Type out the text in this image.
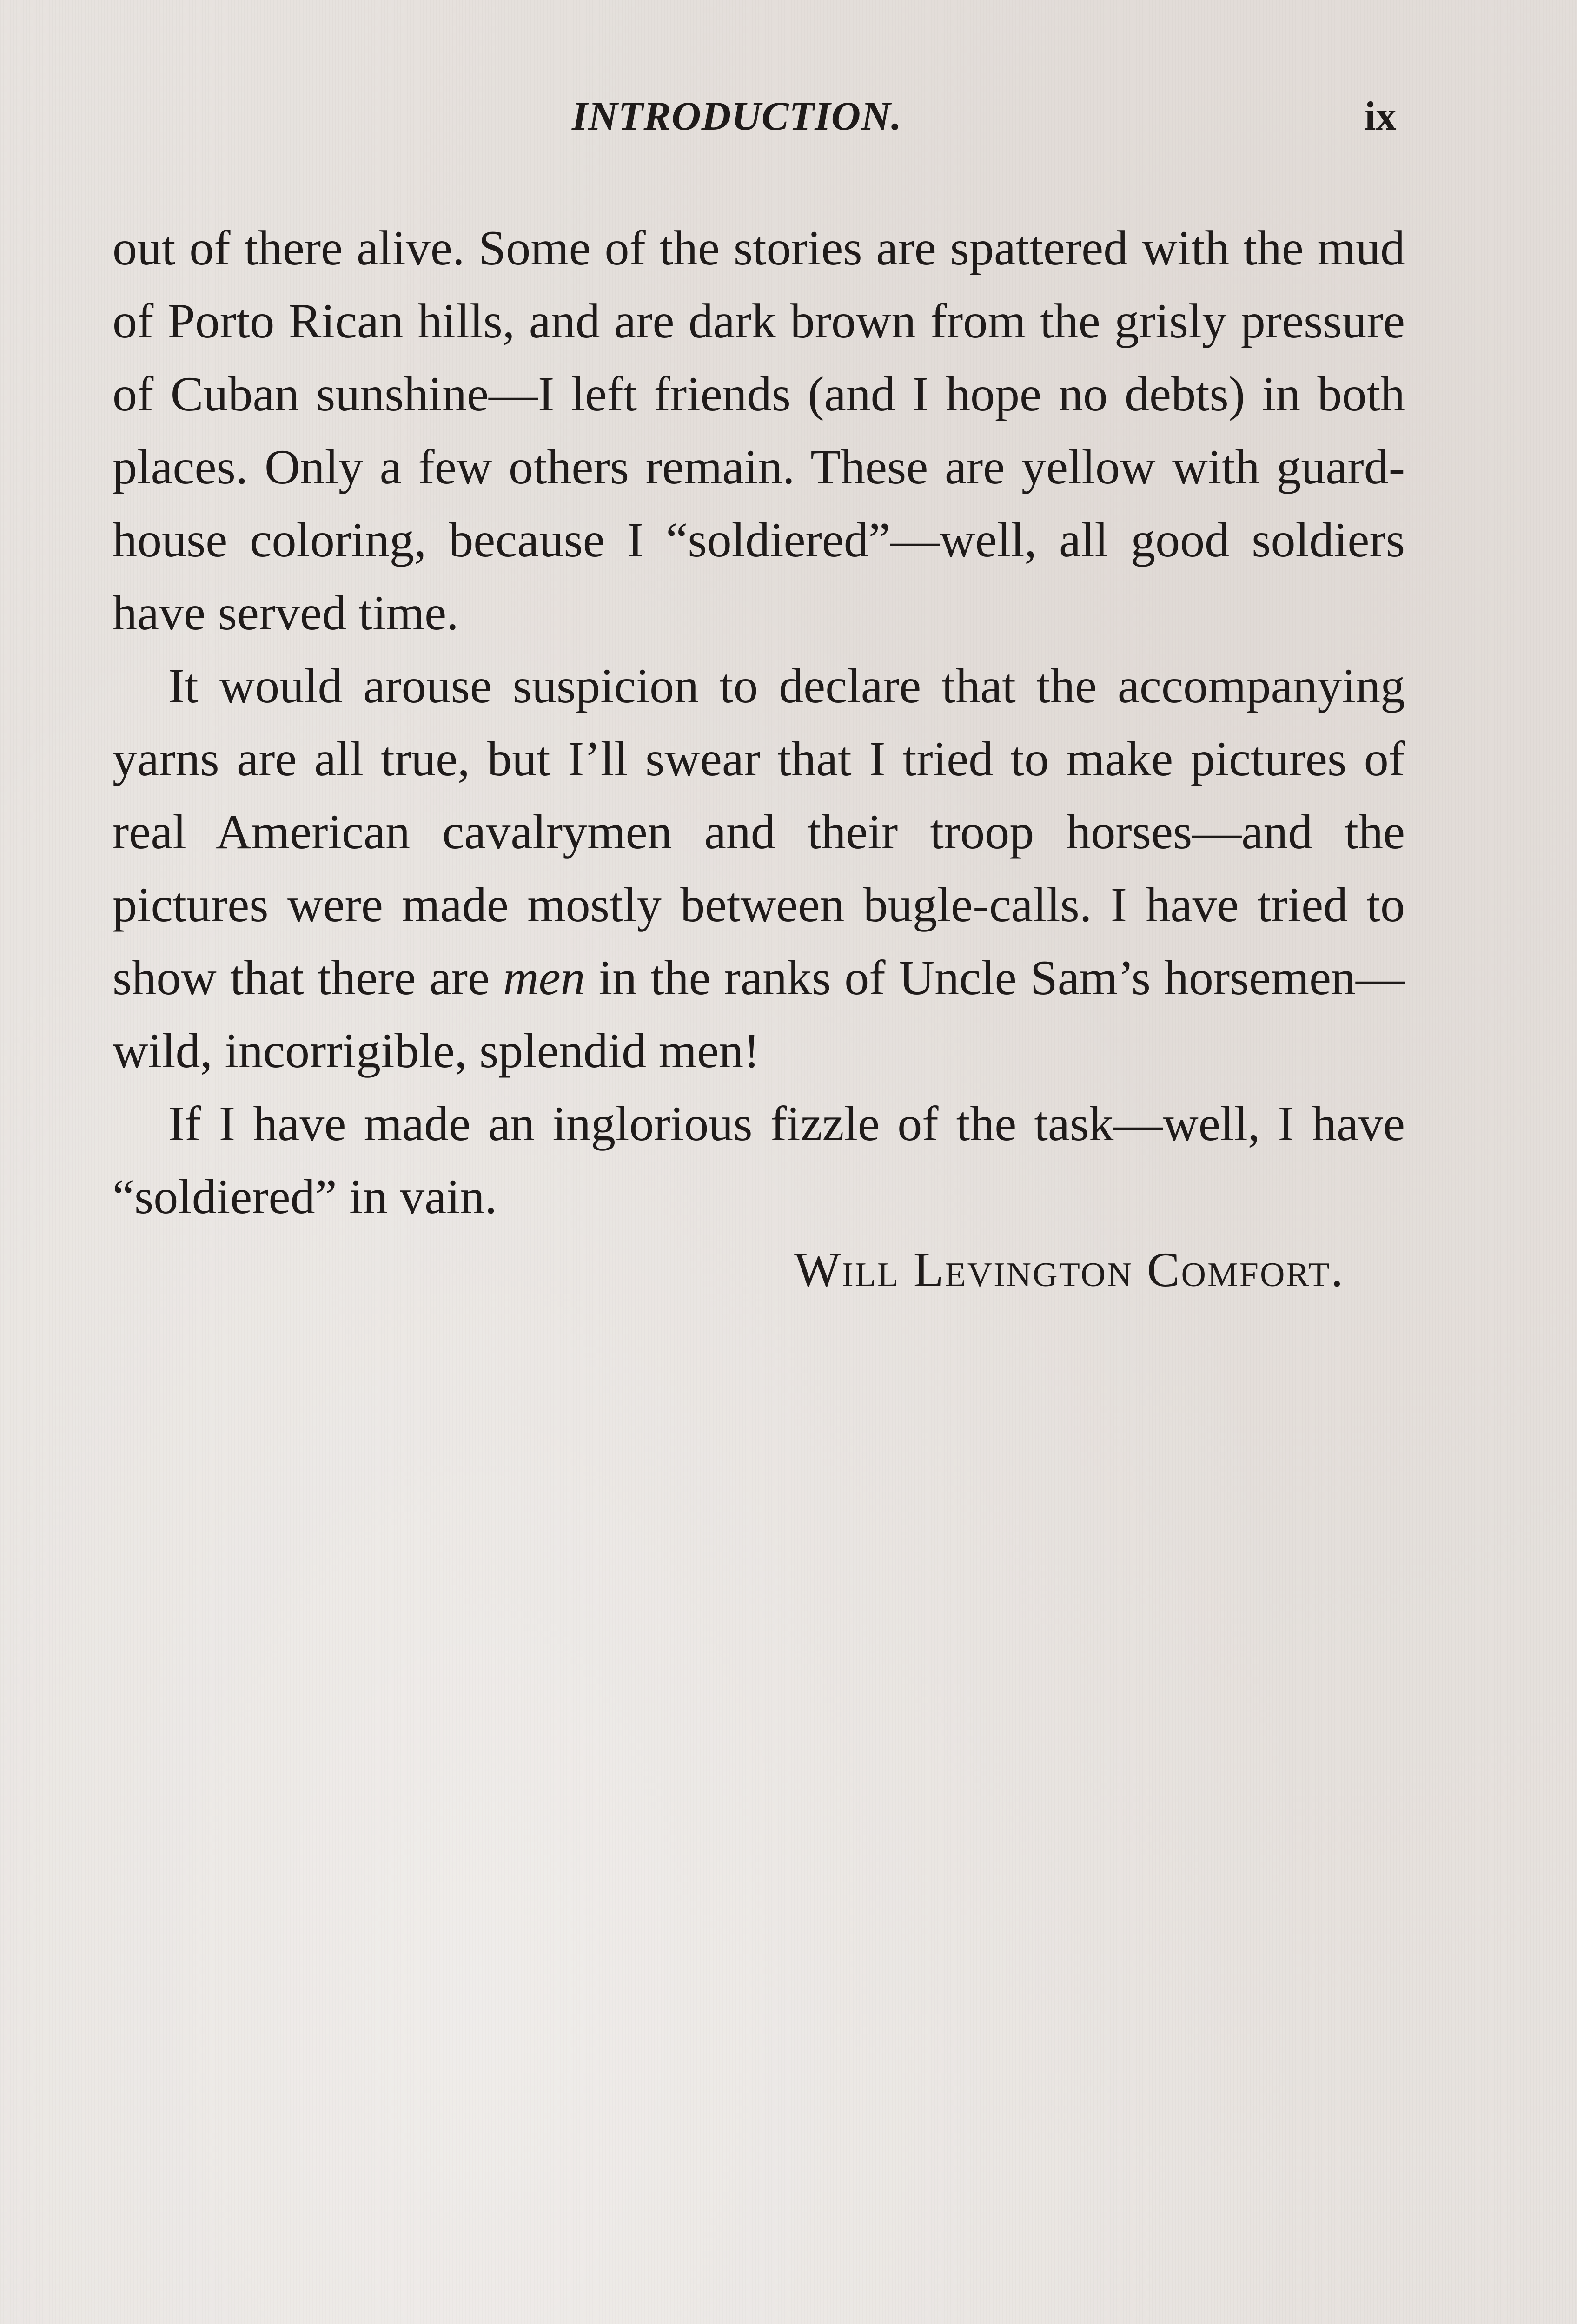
INTRODUCTION.	ix

out of there alive. Some of the stories are spattered with the mud of Porto Rican hills, and are dark brown from the grisly pressure of Cuban sunshine—I left friends (and I hope no debts) in both places. Only a few others remain. These are yellow with guard-house coloring, because I “soldiered”—well, all good soldiers have served time.

It would arouse suspicion to declare that the accompanying yarns are all true, but I’ll swear that I tried to make pictures of real American cavalrymen and their troop horses—and the pictures were made mostly between bugle-calls. I have tried to show that there are men in the ranks of Uncle Sam’s horsemen—wild, incorrigible, splendid men!

If I have made an inglorious fizzle of the task—well, I have “soldiered” in vain.

Will Levington Comfort.
